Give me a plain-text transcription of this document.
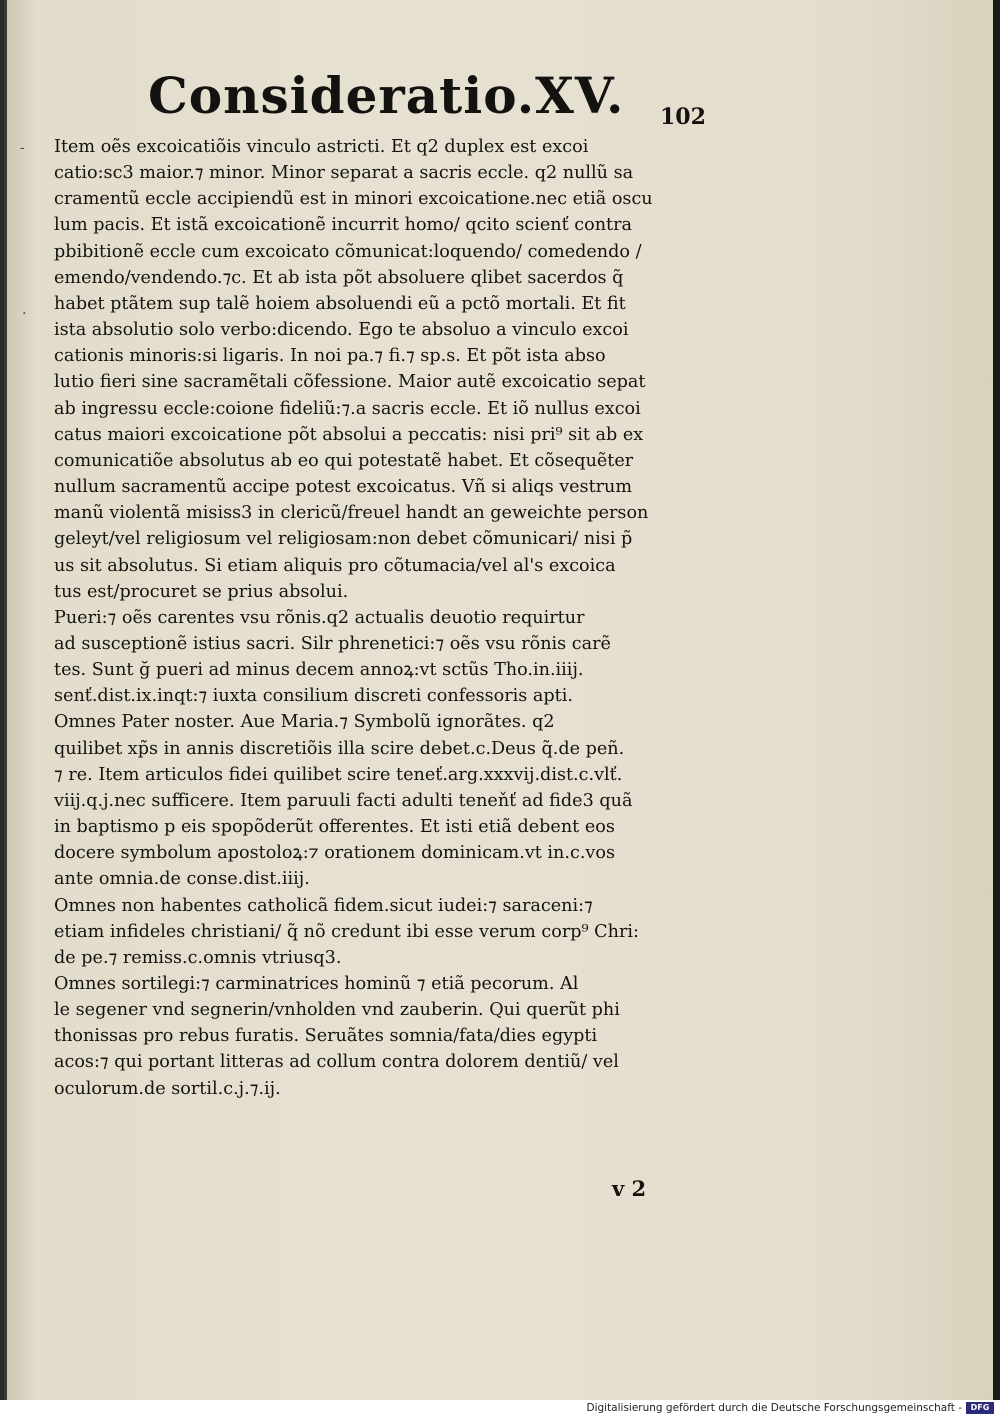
Consideratio.XV. 102
-
.
Item oẽs excoicatiõis vinculo astricti. Et q2 duplex est excoi
catio:sc3 maior.⁊ minor. Minor separat a sacris eccle. q2 nullũ sa
cramentũ eccle accipiendũ est in minori excoicatione.nec etiã oscu
lum pacis. Et istã excoicationẽ incurrit homo/ qcito scienť contra
pbibitionẽ eccle cum excoicato cõmunicat:loquendo/ comedendo /
emendo/vendendo.⁊c. Et ab ista põt absoluere qlibet sacerdos q̃
habet ptãtem sup talẽ hoiem absoluendi eũ a pctõ mortali. Et fit
ista absolutio solo verbo:dicendo. Ego te absoluo a vinculo excoi
cationis minoris:si ligaris. In noi pa.⁊ fi.⁊ sp.s. Et põt ista abso
lutio fieri sine sacramẽtali cõfessione. Maior autẽ excoicatio sepat
ab ingressu eccle:coione fideliũ:⁊.a sacris eccle. Et iõ nullus excoi
catus maiori excoicatione põt absolui a peccatis: nisi pri⁹ sit ab ex
comunicatiõe absolutus ab eo qui potestatẽ habet. Et cõsequẽter
nullum sacramentũ accipe potest excoicatus. Vñ si aliqs vestrum
manũ violentã misiss3 in clericũ/freuel handt an geweichte person
geleyt/vel religiosum vel religiosam:non debet cõmunicari/ nisi p̃
us sit absolutus. Si etiam aliquis pro cõtumacia/vel al's excoica
tus est/procuret se prius absolui.
Pueri:⁊ oẽs carentes vsu rõnis.q2 actualis deuotio requirtur
ad susceptionẽ istius sacri. Silr phrenetici:⁊ oẽs vsu rõnis carẽ
tes. Sunt ğ pueri ad minus decem annoꝝ:vt sctũs Tho.in.iiij.
senť.dist.ix.inqt:⁊ iuxta consilium discreti confessoris apti.
Omnes Pater noster. Aue Maria.⁊ Symbolũ ignorãtes. q2
quilibet xp̃s in annis discretiõis illa scire debet.c.Deus q̃.de peñ.
⁊ re. Item articulos fidei quilibet scire teneť.arg.xxxvij.dist.c.vlť.
viij.q.j.nec sufficere. Item paruuli facti adulti teneňť ad fide3 quã
in baptismo p eis spopõderũt offerentes. Et isti etiã debent eos
docere symbolum apostoloꝝ:⁊ orationem dominicam.vt in.c.vos
ante omnia.de conse.dist.iiij.
Omnes non habentes catholicã fidem.sicut iudei:⁊ saraceni:⁊
etiam infideles christiani/ q̃ nõ credunt ibi esse verum corp⁹ Chri:
de pe.⁊ remiss.c.omnis vtriusq3.
Omnes sortilegi:⁊ carminatrices hominũ ⁊ etiã pecorum. Al
le segener vnd segnerin/vnholden vnd zauberin. Qui querũt phi
thonissas pro rebus furatis. Seruãtes somnia/fata/dies egypti
acos:⁊ qui portant litteras ad collum contra dolorem dentiũ/ vel
oculorum.de sortil.c.j.⁊.ij.
v 2
Digitalisierung gefördert durch die Deutsche Forschungsgemeinschaft -	DFG
